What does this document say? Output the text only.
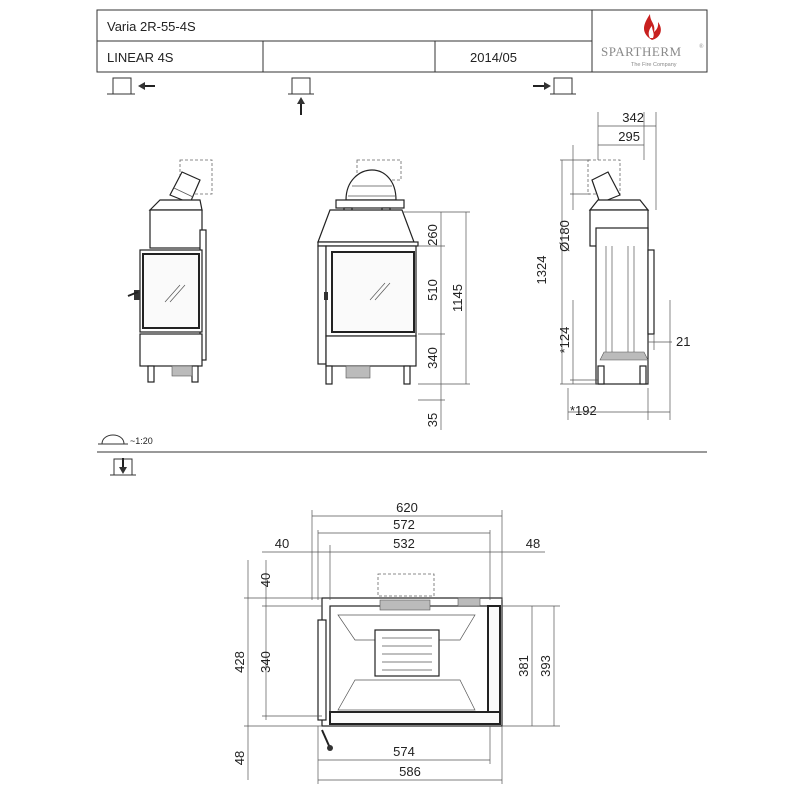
Varia 2R-55-4S
LINEAR 4S	2014/05	SPARTHERM	®
The Fire Company
260
510
340
35
1145
342
295
Ø180
1324
*124	21
*192
~1:20
620
572
532
40	48
40
428 340
48
381 393
574
586
